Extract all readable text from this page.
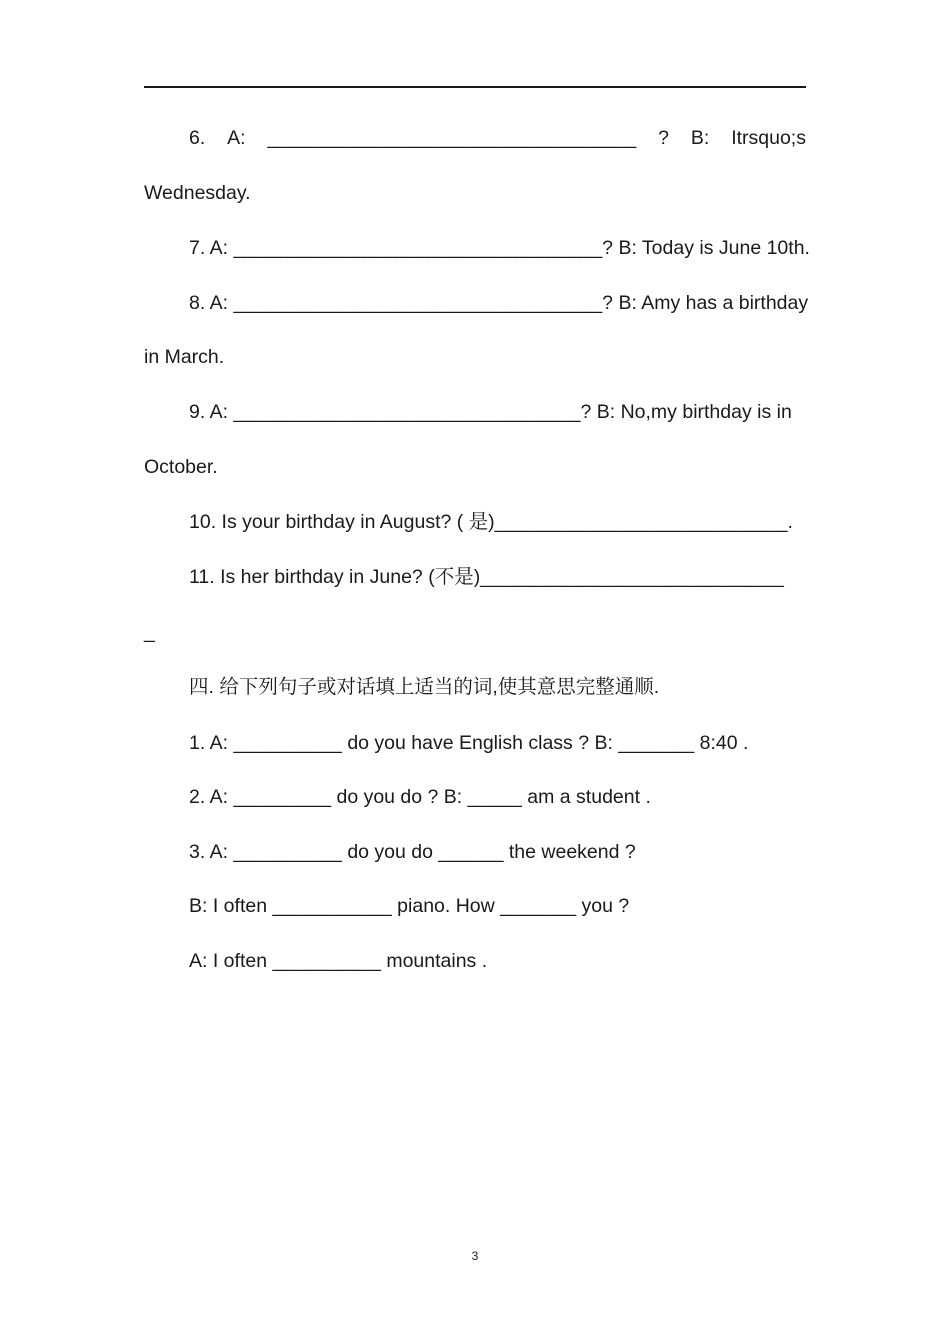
6. A: __________________________________ ? B: Itrsquo;s

Wednesday.

7. A: __________________________________? B: Today is June 10th.

8. A: __________________________________? B: Amy has a birthday

in March.

9. A: ________________________________? B: No,my birthday is in

October.

10. Is your birthday in August? ( 是)___________________________.

11. Is her birthday in June? (不是)____________________________

_

四. 给下列句子或对话填上适当的词,使其意思完整通顺.

1. A: __________ do you have English class ? B: _______ 8:40 .

2. A: _________ do you do ? B: _____ am a student .

3. A: __________ do you do ______ the weekend ?

B: I often ___________ piano. How _______ you ?

A: I often __________ mountains .

3
